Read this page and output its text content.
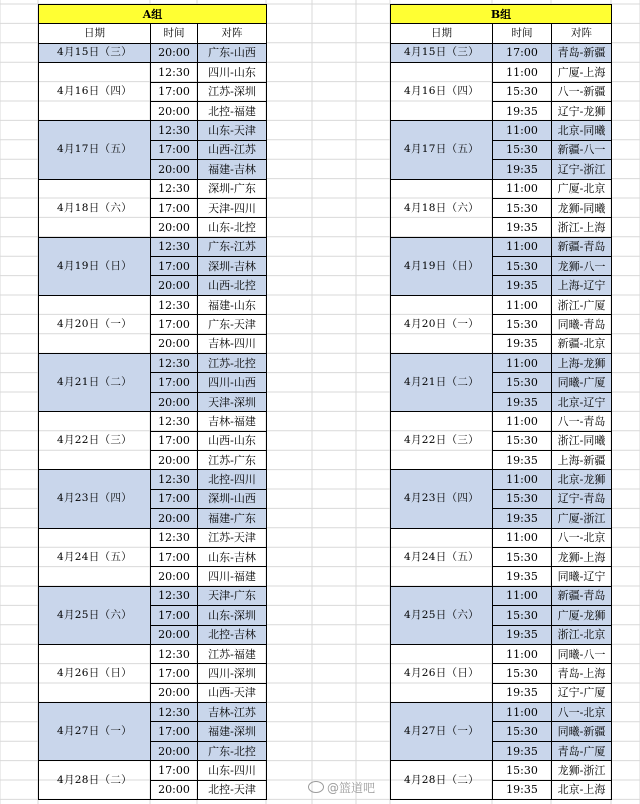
A组		
日期	时间	对阵
4月15日（三）	20:00	广东-山西
4月16日（四）	12:30	四川-山东
	17:00	江苏-深圳
	20:00	北控-福建
4月17日（五）	12:30	山东-天津
	17:00	山西-江苏
	20:00	福建-吉林
4月18日（六）	12:30	深圳-广东
	17:00	天津-四川
	20:00	山东-北控
4月19日（日）	12:30	广东-江苏
	17:00	深圳-吉林
	20:00	山西-北控
4月20日（一）	12:30	福建-山东
	17:00	广东-天津
	20:00	吉林-四川
4月21日（二）	12:30	江苏-北控
	17:00	四川-山西
	20:00	天津-深圳
4月22日（三）	12:30	吉林-福建
	17:00	山西-山东
	20:00	江苏-广东
4月23日（四）	12:30	北控-四川
	17:00	深圳-山西
	20:00	福建-广东
4月24日（五）	12:30	江苏-天津
	17:00	山东-吉林
	20:00	四川-福建
4月25日（六）	12:30	天津-广东
	17:00	山东-深圳
	20:00	北控-吉林
4月26日（日）	12:30	江苏-福建
	17:00	四川-深圳
	20:00	山西-天津
4月27日（一）	12:30	吉林-江苏
	17:00	福建-深圳
	20:00	广东-北控
4月28日（二）	17:00	山东-四川
	20:00	北控-天津
B组		
日期	时间	对阵
4月15日（三）	17:00	青岛-新疆
4月16日（四）	11:00	广厦-上海
	15:30	八一-新疆
	19:35	辽宁-龙狮
4月17日（五）	11:00	北京-同曦
	15:30	新疆-八一
	19:35	辽宁-浙江
4月18日（六）	11:00	广厦-北京
	15:30	龙狮-同曦
	19:35	浙江-上海
4月19日（日）	11:00	新疆-青岛
	15:30	龙狮-八一
	19:35	上海-辽宁
4月20日（一）	11:00	浙江-广厦
	15:30	同曦-青岛
	19:35	新疆-北京
4月21日（二）	11:00	上海-龙狮
	15:30	同曦-广厦
	19:35	北京-辽宁
4月22日（三）	11:00	八一-青岛
	15:30	浙江-同曦
	19:35	上海-新疆
4月23日（四）	11:00	北京-龙狮
	15:30	辽宁-青岛
	19:35	广厦-浙江
4月24日（五）	11:00	八一-北京
	15:30	龙狮-上海
	19:35	同曦-辽宁
4月25日（六）	11:00	新疆-青岛
	15:30	广厦-龙狮
	19:35	浙江-北京
4月26日（日）	11:00	同曦-八一
	15:30	青岛-上海
	19:35	辽宁-广厦
4月27日（一）	11:00	八一-北京
	15:30	同曦-新疆
	19:35	青岛-广厦
4月28日（二）	15:30	龙狮-浙江
	19:35	北京-上海
@篮道吧
